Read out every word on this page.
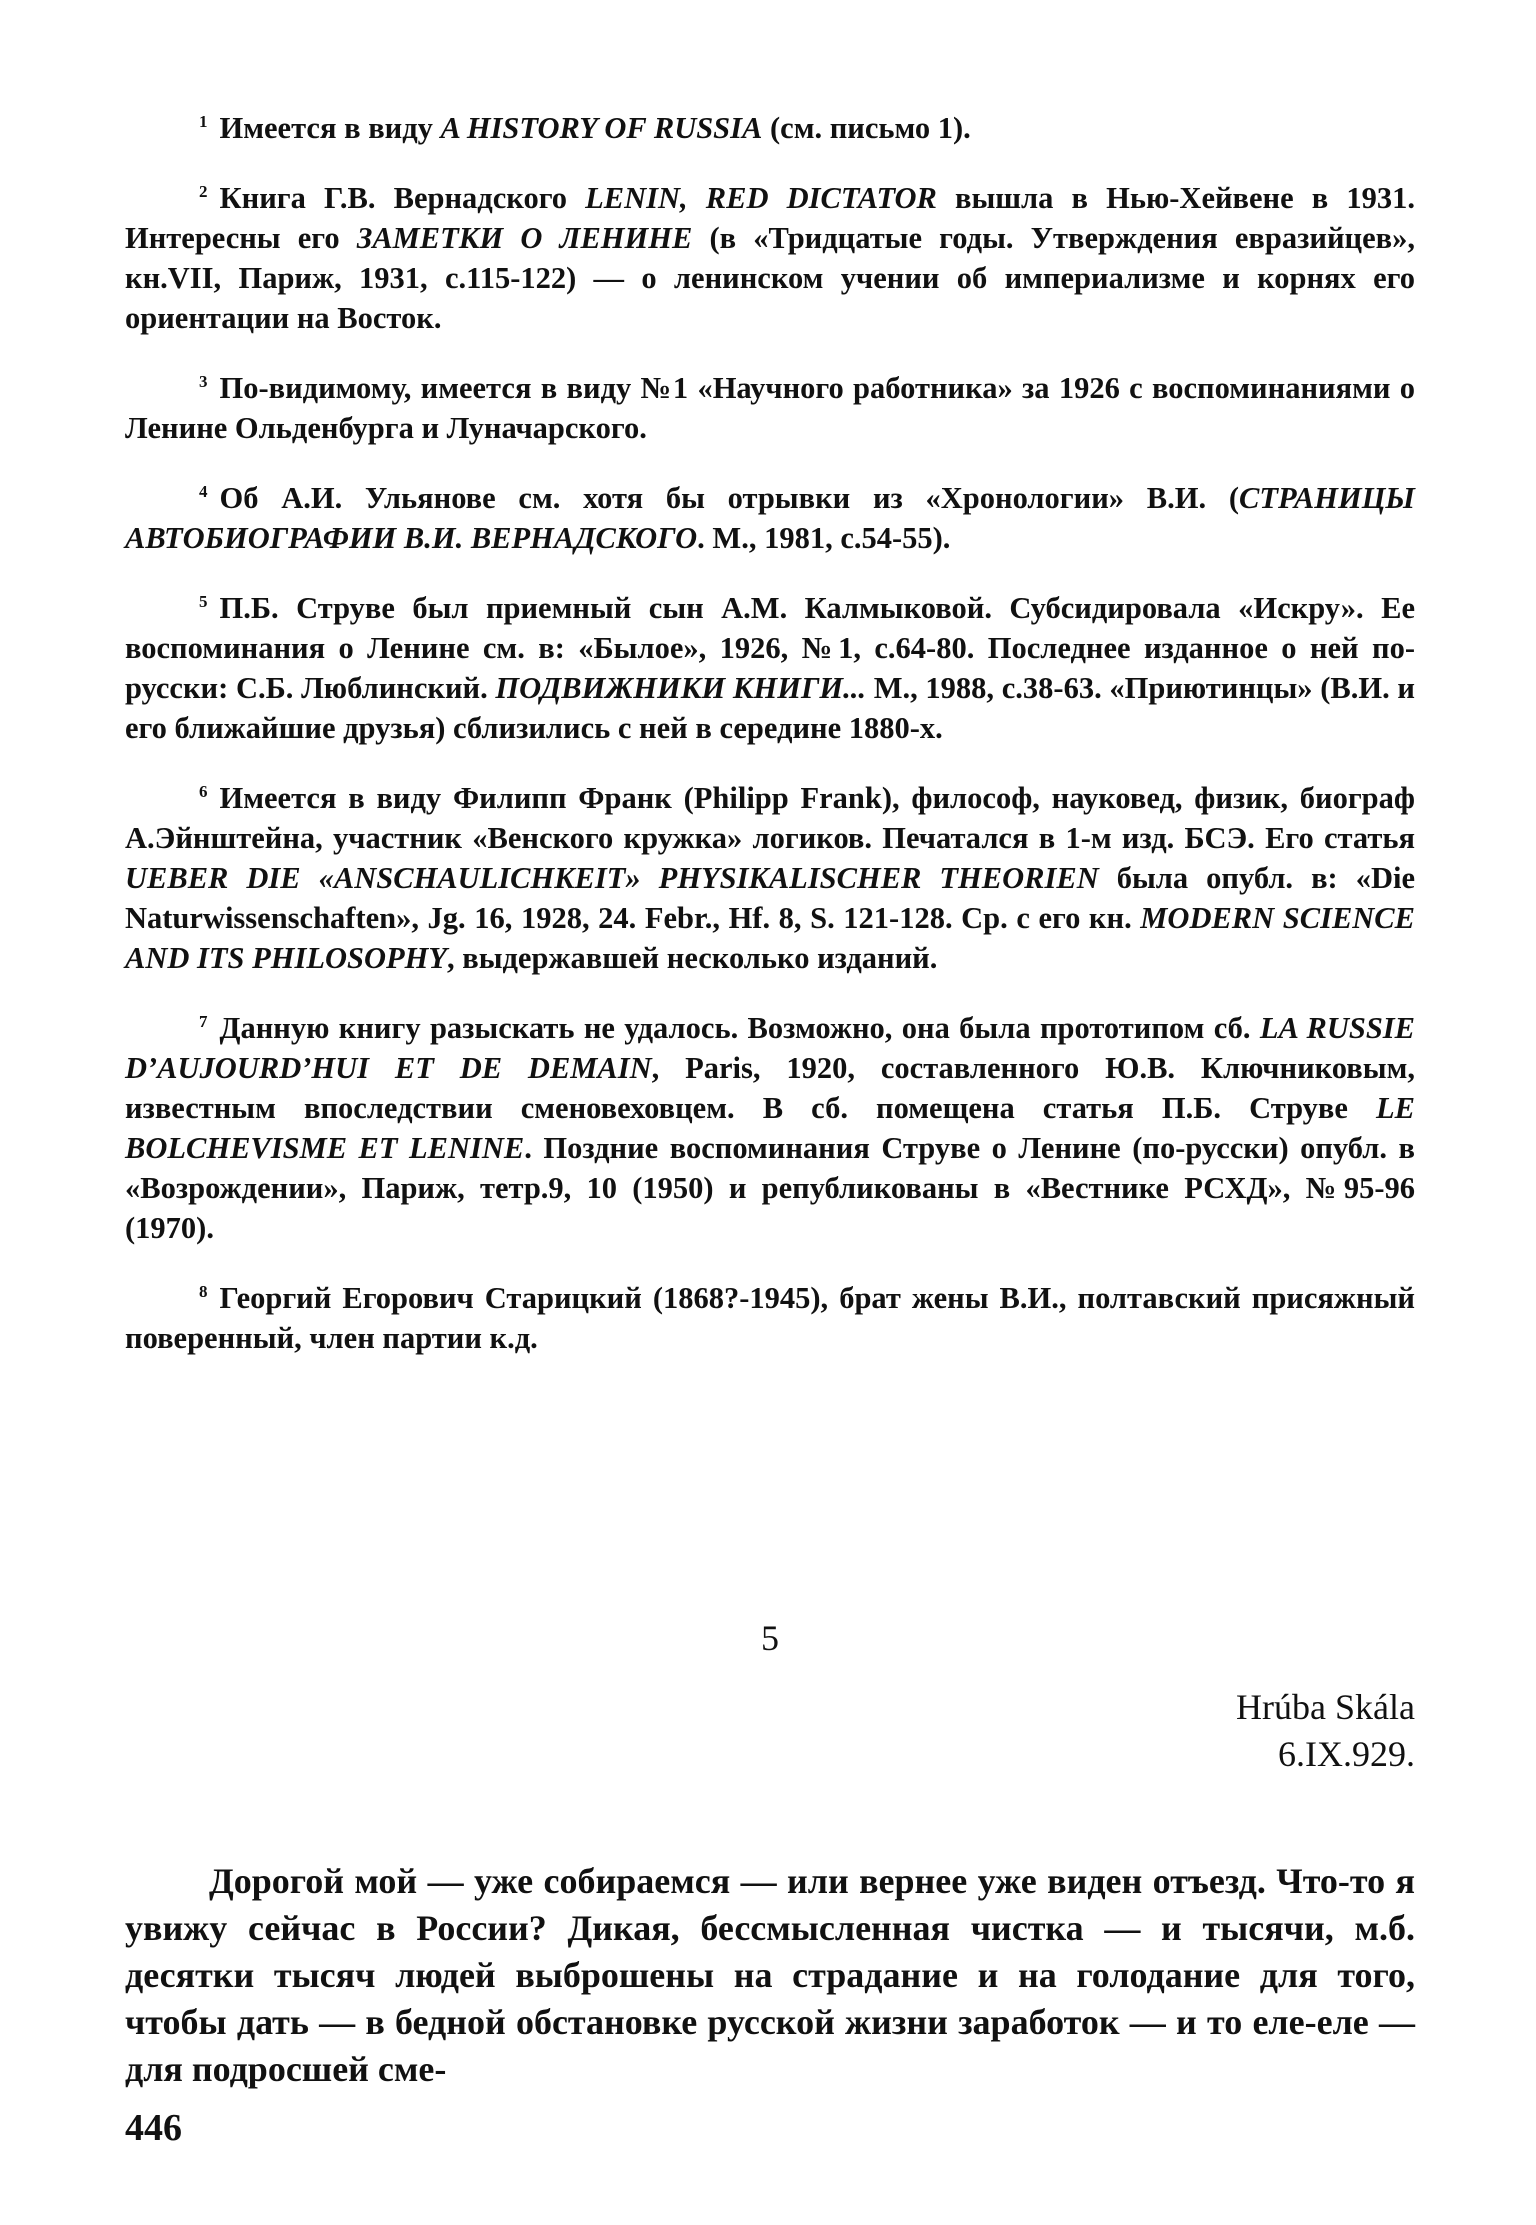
$^1$ Имеется в виду A HISTORY OF RUSSIA (см. письмо 1).

$^2$ Книга Г.В. Вернадского LENIN, RED DICTATOR вышла в Нью-Хейвене в 1931. Интересны его ЗАМЕТКИ О ЛЕНИНЕ (в «Тридцатые годы. Утверждения евразийцев», кн.VII, Париж, 1931, с.115-122) — о ленинском учении об империализме и корнях его ориентации на Восток.

$^3$ По-видимому, имеется в виду №1 «Научного работника» за 1926 с воспоминаниями о Ленине Ольденбурга и Луначарского.

$^4$ Об А.И. Ульянове см. хотя бы отрывки из «Хронологии» В.И. (СТРАНИЦЫ АВТОБИОГРАФИИ В.И. ВЕРНАДСКОГО. М., 1981, с.54-55).

$^5$ П.Б. Струве был приемный сын А.М. Калмыковой. Субсидировала «Искру». Ее воспоминания о Ленине см. в: «Былое», 1926, №1, с.64-80. Последнее изданное о ней по-русски: С.Б. Люблинский. ПОДВИЖНИКИ КНИГИ... М., 1988, с.38-63. «Приютинцы» (В.И. и его ближайшие друзья) сблизились с ней в середине 1880-х.

$^6$ Имеется в виду Филипп Франк (Philipp Frank), философ, науковед, физик, биограф А.Эйнштейна, участник «Венского кружка» логиков. Печатался в 1-м изд. БСЭ. Его статья UEBER DIE «ANSCHAULICHKEIT» PHYSIKALISCHER THEORIEN была опубл. в: «Die Naturwissenschaften», Jg. 16, 1928, 24. Febr., Hf. 8, S. 121-128. Ср. с его кн. MODERN SCIENCE AND ITS PHILOSOPHY, выдержавшей несколько изданий.

$^7$ Данную книгу разыскать не удалось. Возможно, она была прототипом сб. LA RUSSIE D’AUJOURD’HUI ET DE DEMAIN, Paris, 1920, составленного Ю.В. Ключниковым, известным впоследствии сменовеховцем. В сб. помещена статья П.Б. Струве LE BOLCHEVISME ET LENINE. Поздние воспоминания Струве о Ленине (по-русски) опубл. в «Возрождении», Париж, тетр.9, 10 (1950) и републикованы в «Вестнике РСХД», №95-96 (1970).

$^8$ Георгий Егорович Старицкий (1868?-1945), брат жены В.И., полтавский присяжный поверенный, член партии к.д.

5
Hrúba Skála
6.IX.929.
Дорогой мой — уже собираемся — или вернее уже виден отъезд. Что-то я увижу сейчас в России? Дикая, бессмысленная чистка — и тысячи, м.б. десятки тысяч людей выброшены на страдание и на голодание для того, чтобы дать — в бедной обстановке русской жизни заработок — и то еле-еле — для подросшей сме-
446
